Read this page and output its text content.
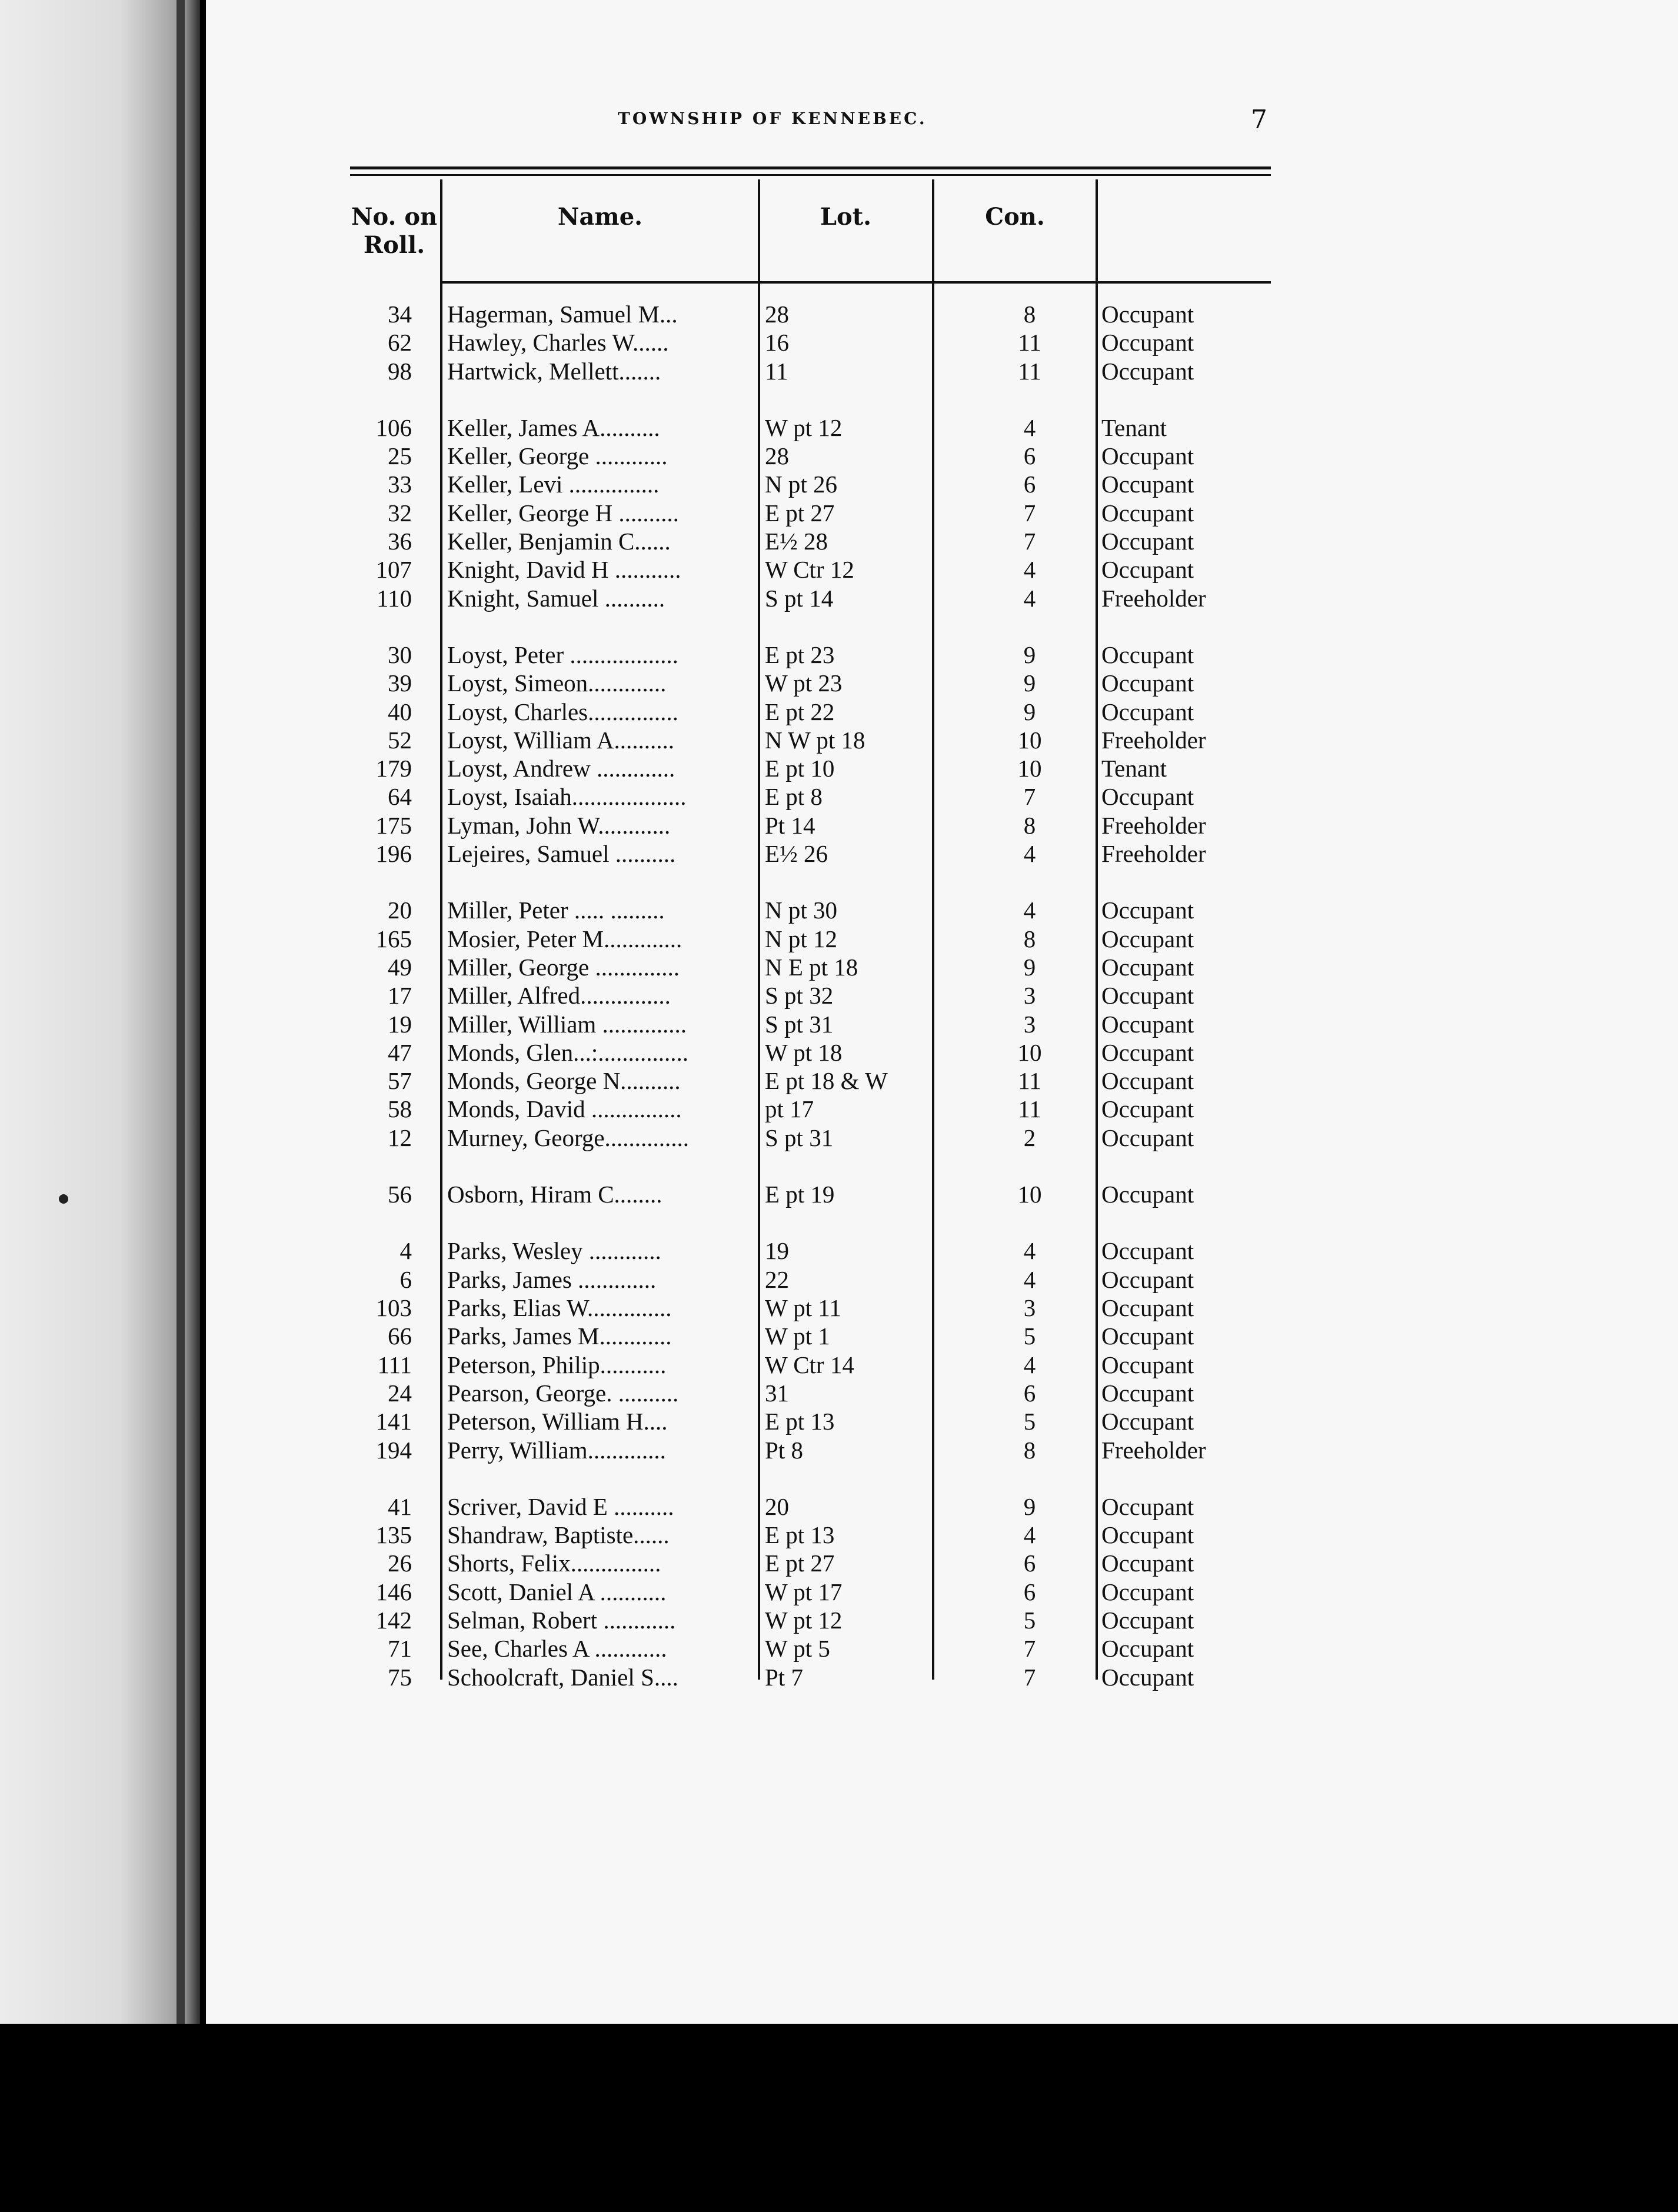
TOWNSHIP OF KENNEBEC.	7
No. on Roll.
Name.	Lot.	Con.
34 Hagerman, Samuel M...	28	8	Occupant
62 Hawley, Charles W......	16	11	Occupant
98 Hartwick, Mellett.......	11	11	Occupant
106 Keller, James A..........	W pt 12	4	Tenant
25 Keller, George ............	28	6	Occupant
33 Keller, Levi ...............	N pt 26	6	Occupant
32 Keller, George H ..........	E pt 27	7	Occupant
36 Keller, Benjamin C......	E½ 28	7	Occupant
107 Knight, David H ...........	W Ctr 12	4	Occupant
110 Knight, Samuel ..........	S pt 14	4	Freeholder
30 Loyst, Peter ..................	E pt 23	9	Occupant
39 Loyst, Simeon.............	W pt 23	9	Occupant
40 Loyst, Charles...............	E pt 22	9	Occupant
52 Loyst, William A..........	N W pt 18	10	Freeholder
179 Loyst, Andrew .............	E pt 10	10	Tenant
64 Loyst, Isaiah...................	E pt 8	7	Occupant
175 Lyman, John W............	Pt 14	8	Freeholder
196 Lejeires, Samuel ..........	E½ 26	4	Freeholder
20 Miller, Peter ..... .........	N pt 30	4	Occupant
165 Mosier, Peter M.............	N pt 12	8	Occupant
49 Miller, George ..............	N E pt 18	9	Occupant
17 Miller, Alfred...............	S pt 32	3	Occupant
19 Miller, William ..............	S pt 31	3	Occupant
47 Monds, Glen...:...............	W pt 18	10	Occupant
57 Monds, George N..........	E pt 18 & W	11	Occupant
58 Monds, David ...............	pt 17	11	Occupant
12 Murney, George..............	S pt 31	2	Occupant
56 Osborn, Hiram C........	E pt 19	10	Occupant
4 Parks, Wesley ............	19	4	Occupant
6 Parks, James .............	22	4	Occupant
103 Parks, Elias W..............	W pt 11	3	Occupant
66 Parks, James M............	W pt 1	5	Occupant
111 Peterson, Philip...........	W Ctr 14	4	Occupant
24 Pearson, George. ..........	31	6	Occupant
141 Peterson, William H....	E pt 13	5	Occupant
194 Perry, William.............	Pt 8	8	Freeholder
41 Scriver, David E ..........	20	9	Occupant
135 Shandraw, Baptiste......	E pt 13	4	Occupant
26 Shorts, Felix...............	E pt 27	6	Occupant
146 Scott, Daniel A ...........	W pt 17	6	Occupant
142 Selman, Robert ............	W pt 12	5	Occupant
71 See, Charles A ............	W pt 5	7	Occupant
75 Schoolcraft, Daniel S....	Pt 7	7	Occupant
